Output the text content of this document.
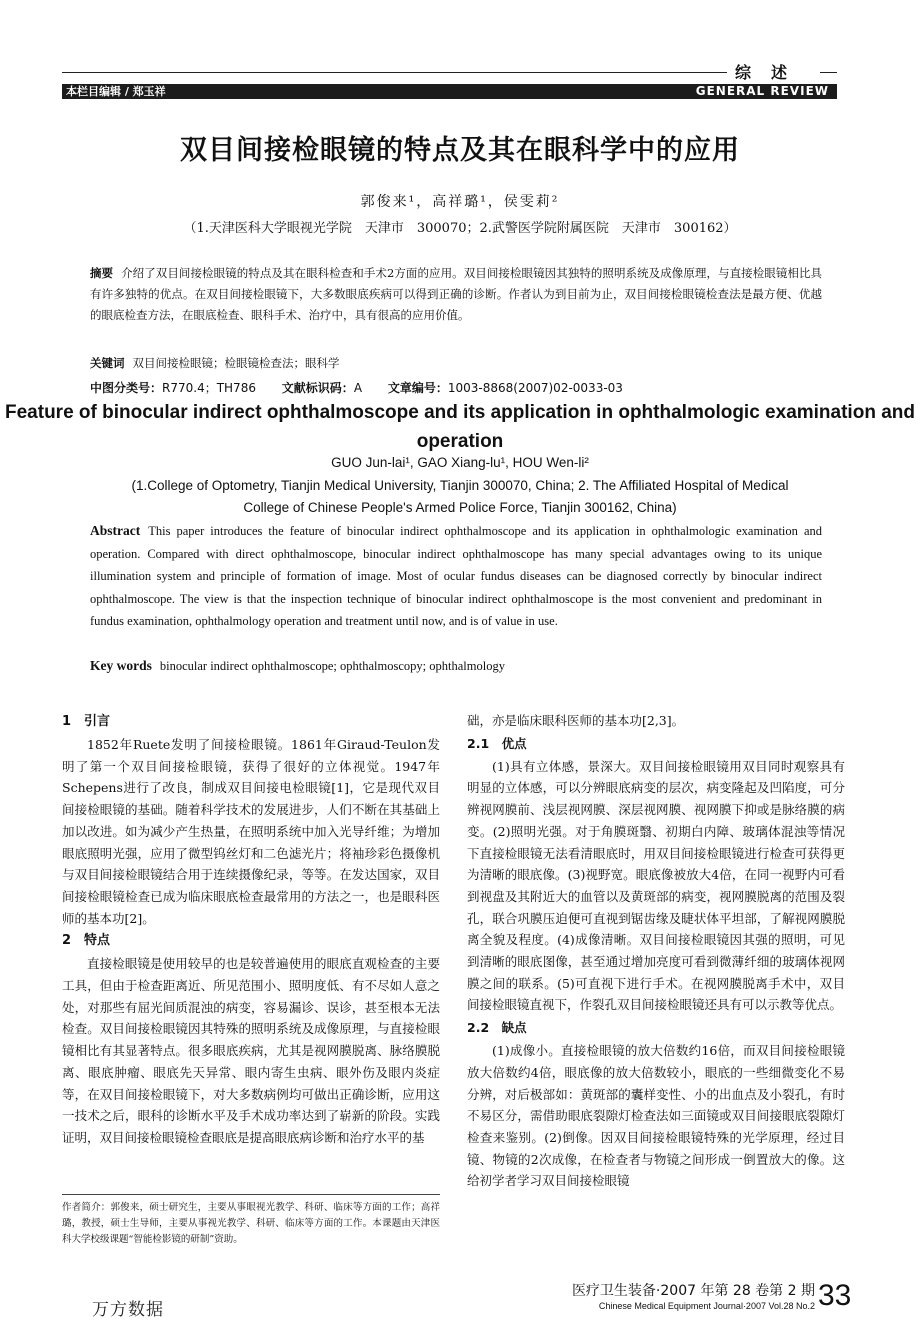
综述
本栏目编辑 / 郑玉祥	GENERAL REVIEW
双目间接检眼镜的特点及其在眼科学中的应用
郭俊来¹，高祥璐¹，侯雯莉²
（1.天津医科大学眼视光学院　天津市　300070；2.武警医学院附属医院　天津市　300162）
摘要 介绍了双目间接检眼镜的特点及其在眼科检查和手术2方面的应用。双目间接检眼镜因其独特的照明系统及成像原理，与直接检眼镜相比具有许多独特的优点。在双目间接检眼镜下，大多数眼底疾病可以得到正确的诊断。作者认为到目前为止，双目间接检眼镜检查法是最方便、优越的眼底检查方法，在眼底检查、眼科手术、治疗中，具有很高的应用价值。
关键词 双目间接检眼镜；检眼镜检查法；眼科学
中图分类号：R770.4；TH786 文献标识码：A 文章编号：1003-8868(2007)02-0033-03
Feature of binocular indirect ophthalmoscope and its application in ophthalmologic examination and operation
GUO Jun-lai¹, GAO Xiang-lu¹, HOU Wen-li²
(1.College of Optometry, Tianjin Medical University, Tianjin 300070, China; 2. The Affiliated Hospital of Medical College of Chinese People's Armed Police Force, Tianjin 300162, China)
Abstract This paper introduces the feature of binocular indirect ophthalmoscope and its application in ophthalmologic examination and operation. Compared with direct ophthalmoscope, binocular indirect ophthalmoscope has many special advantages owing to its unique illumination system and principle of formation of image. Most of ocular fundus diseases can be diagnosed correctly by binocular indirect ophthalmoscope. The view is that the inspection technique of binocular indirect ophthalmoscope is the most convenient and predominant in fundus examination, ophthalmology operation and treatment until now, and is of value in use.
Key words binocular indirect ophthalmoscope; ophthalmoscopy; ophthalmology
1　引言

1852年Ruete发明了间接检眼镜。1861年Giraud-Teulon发明了第一个双目间接检眼镜，获得了很好的立体视觉。1947年Schepens进行了改良，制成双目间接电检眼镜[1]，它是现代双目间接检眼镜的基础。随着科学技术的发展进步，人们不断在其基础上加以改进。如为减少产生热量，在照明系统中加入光导纤维；为增加眼底照明光强，应用了微型钨丝灯和二色滤光片；将袖珍彩色摄像机与双目间接检眼镜结合用于连续摄像纪录，等等。在发达国家，双目间接检眼镜检查已成为临床眼底检查最常用的方法之一，也是眼科医师的基本功[2]。

2　特点

直接检眼镜是使用较早的也是较普遍使用的眼底直观检查的主要工具，但由于检查距离近、所见范围小、照明度低、有不尽如人意之处，对那些有屈光间质混浊的病变，容易漏诊、误诊，甚至根本无法检查。双目间接检眼镜因其特殊的照明系统及成像原理，与直接检眼镜相比有其显著特点。很多眼底疾病，尤其是视网膜脱离、脉络膜脱离、眼底肿瘤、眼底先天异常、眼内寄生虫病、眼外伤及眼内炎症等，在双目间接检眼镜下，对大多数病例均可做出正确诊断，应用这一技术之后，眼科的诊断水平及手术成功率达到了崭新的阶段。实践证明，双目间接检眼镜检查眼底是提高眼底病诊断和治疗水平的基

础，亦是临床眼科医师的基本功[2,3]。

2.1　优点

(1)具有立体感，景深大。双目间接检眼镜用双目同时观察具有明显的立体感，可以分辨眼底病变的层次，病变隆起及凹陷度，可分辨视网膜前、浅层视网膜、深层视网膜、视网膜下抑或是脉络膜的病变。(2)照明光强。对于角膜斑翳、初期白内障、玻璃体混浊等情况下直接检眼镜无法看清眼底时，用双目间接检眼镜进行检查可获得更为清晰的眼底像。(3)视野宽。眼底像被放大4倍，在同一视野内可看到视盘及其附近大的血管以及黄斑部的病变，视网膜脱离的范围及裂孔，联合巩膜压迫便可直视到锯齿缘及睫状体平坦部，了解视网膜脱离全貌及程度。(4)成像清晰。双目间接检眼镜因其强的照明，可见到清晰的眼底图像，甚至通过增加亮度可看到微薄纤细的玻璃体视网膜之间的联系。(5)可直视下进行手术。在视网膜脱离手术中，双目间接检眼镜直视下，作裂孔双目间接检眼镜还具有可以示教等优点。

2.2　缺点

(1)成像小。直接检眼镜的放大倍数约16倍，而双目间接检眼镜放大倍数约4倍，眼底像的放大倍数较小，眼底的一些细微变化不易分辨，对后极部如：黄斑部的囊样变性、小的出血点及小裂孔，有时不易区分，需借助眼底裂隙灯检查法如三面镜或双目间接眼底裂隙灯检查来鉴别。(2)倒像。因双目间接检眼镜特殊的光学原理，经过目镜、物镜的2次成像，在检查者与物镜之间形成一倒置放大的像。这给初学者学习双目间接检眼镜

作者简介：郭俊来，硕士研究生，主要从事眼视光教学、科研、临床等方面的工作；高祥璐，教授，硕士生导师，主要从事视光教学、科研、临床等方面的工作。本课题由天津医科大学校级课题“智能检影镜的研制”资助。
万方数据
医疗卫生装备·2007 年第 28 卷第 2 期
Chinese Medical Equipment Journal·2007 Vol.28 No.2 33
